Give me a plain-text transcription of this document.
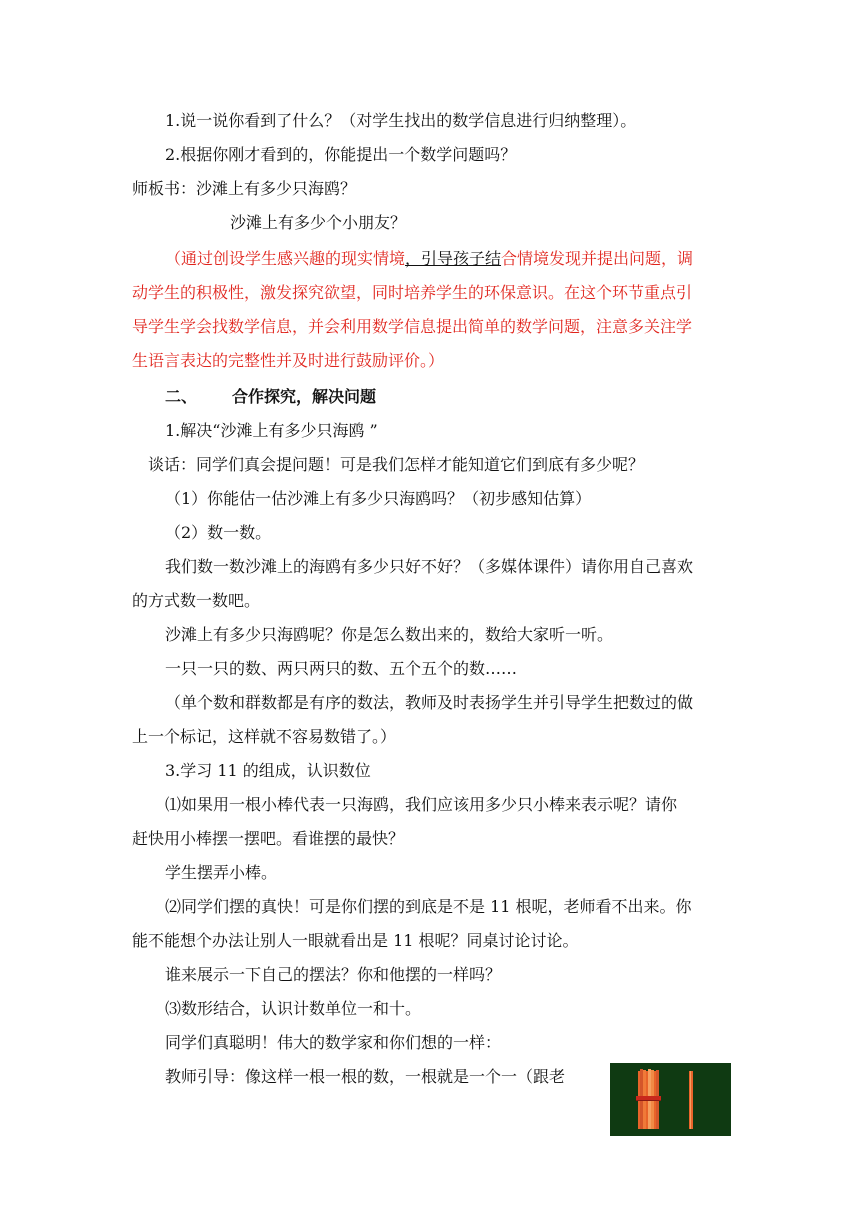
1.说一说你看到了什么？（对学生找出的数学信息进行归纳整理）。
2.根据你刚才看到的，你能提出一个数学问题吗？
师板书：沙滩上有多少只海鸥？
沙滩上有多少个小朋友？
（通过创设学生感兴趣的现实情境，引导孩子结合情境发现并提出问题，调
动学生的积极性，激发探究欲望，同时培养学生的环保意识。在这个环节重点引
导学生学会找数学信息，并会利用数学信息提出简单的数学问题，注意多关注学
生语言表达的完整性并及时进行鼓励评价。）
二、 合作探究，解决问题
1.解决“沙滩上有多少只海鸥 ”
谈话：同学们真会提问题！可是我们怎样才能知道它们到底有多少呢？
（1）你能估一估沙滩上有多少只海鸥吗？（初步感知估算）
（2）数一数。
我们数一数沙滩上的海鸥有多少只好不好？（多媒体课件）请你用自己喜欢
的方式数一数吧。
沙滩上有多少只海鸥呢？你是怎么数出来的，数给大家听一听。
一只一只的数、两只两只的数、五个五个的数……
（单个数和群数都是有序的数法，教师及时表扬学生并引导学生把数过的做
上一个标记，这样就不容易数错了。）
3.学习 11 的组成，认识数位
⑴如果用一根小棒代表一只海鸥，我们应该用多少只小棒来表示呢？请你
赶快用小棒摆一摆吧。看谁摆的最快？
学生摆弄小棒。
⑵同学们摆的真快！可是你们摆的到底是不是 11 根呢，老师看不出来。你
能不能想个办法让别人一眼就看出是 11 根呢？同桌讨论讨论。
谁来展示一下自己的摆法？你和他摆的一样吗？
⑶数形结合，认识计数单位一和十。
同学们真聪明！伟大的数学家和你们想的一样：
教师引导：像这样一根一根的数，一根就是一个一（跟老
